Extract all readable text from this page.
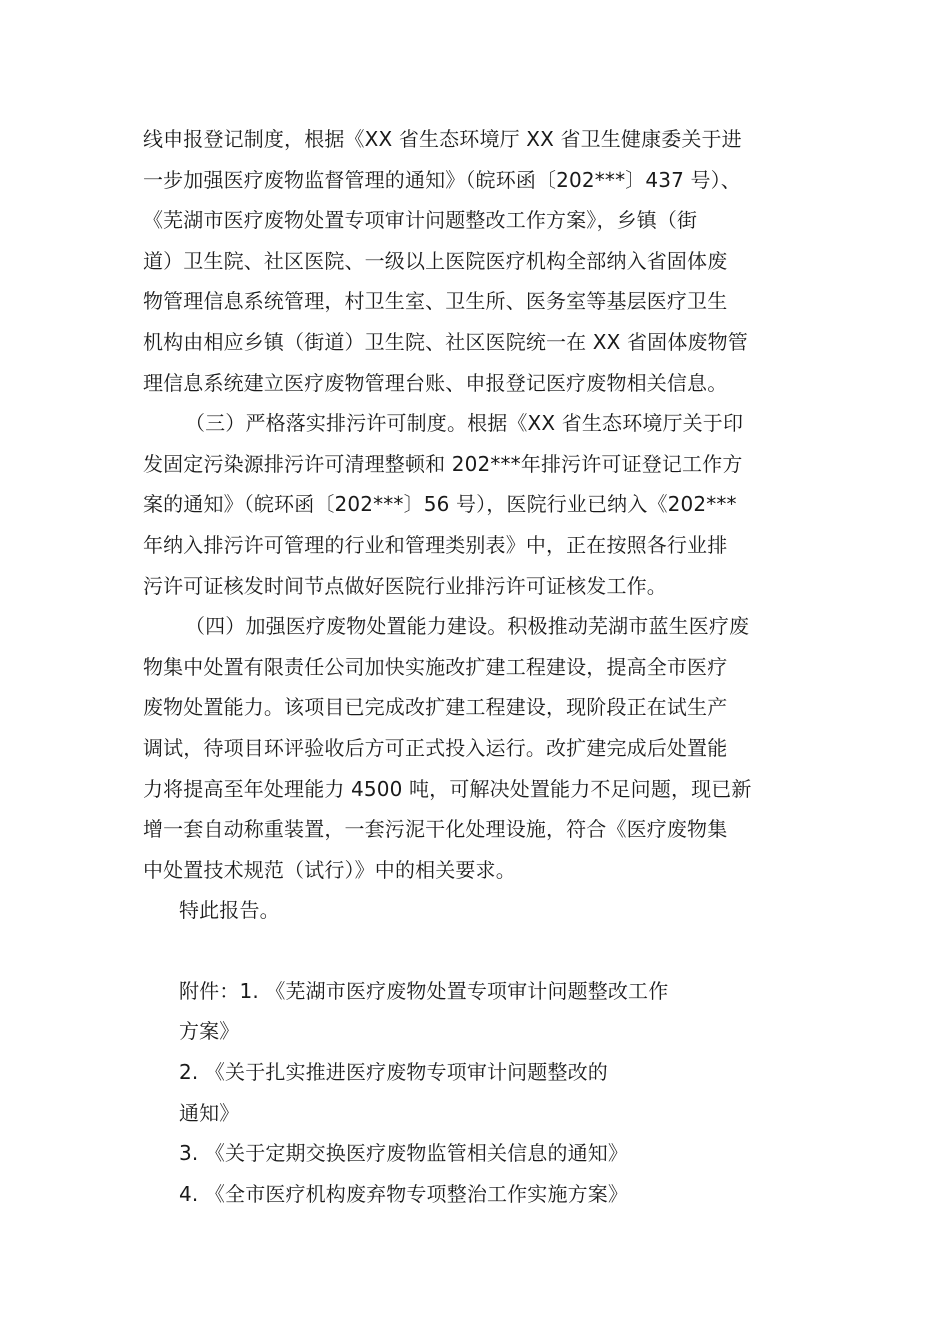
线申报登记制度，根据《XX 省生态环境厅 XX 省卫生健康委关于进
一步加强医疗废物监督管理的通知》（皖环函〔202***〕437 号）、
《芜湖市医疗废物处置专项审计问题整改工作方案》，乡镇（街
道）卫生院、社区医院、一级以上医院医疗机构全部纳入省固体废
物管理信息系统管理，村卫生室、卫生所、医务室等基层医疗卫生
机构由相应乡镇（街道）卫生院、社区医院统一在 XX 省固体废物管
理信息系统建立医疗废物管理台账、申报登记医疗废物相关信息。
（三）严格落实排污许可制度。根据《XX 省生态环境厅关于印
发固定污染源排污许可清理整顿和 202***年排污许可证登记工作方
案的通知》（皖环函〔202***〕56 号），医院行业已纳入《202***
年纳入排污许可管理的行业和管理类别表》中，正在按照各行业排
污许可证核发时间节点做好医院行业排污许可证核发工作。
（四）加强医疗废物处置能力建设。积极推动芜湖市蓝生医疗废
物集中处置有限责任公司加快实施改扩建工程建设，提高全市医疗
废物处置能力。该项目已完成改扩建工程建设，现阶段正在试生产
调试，待项目环评验收后方可正式投入运行。改扩建完成后处置能
力将提高至年处理能力 4500 吨，可解决处置能力不足问题，现已新
增一套自动称重装置，一套污泥干化处理设施，符合《医疗废物集
中处置技术规范（试行）》中的相关要求。
特此报告。
附件：1. 《芜湖市医疗废物处置专项审计问题整改工作
方案》
2. 《关于扎实推进医疗废物专项审计问题整改的
通知》
3. 《关于定期交换医疗废物监管相关信息的通知》
4. 《全市医疗机构废弃物专项整治工作实施方案》
